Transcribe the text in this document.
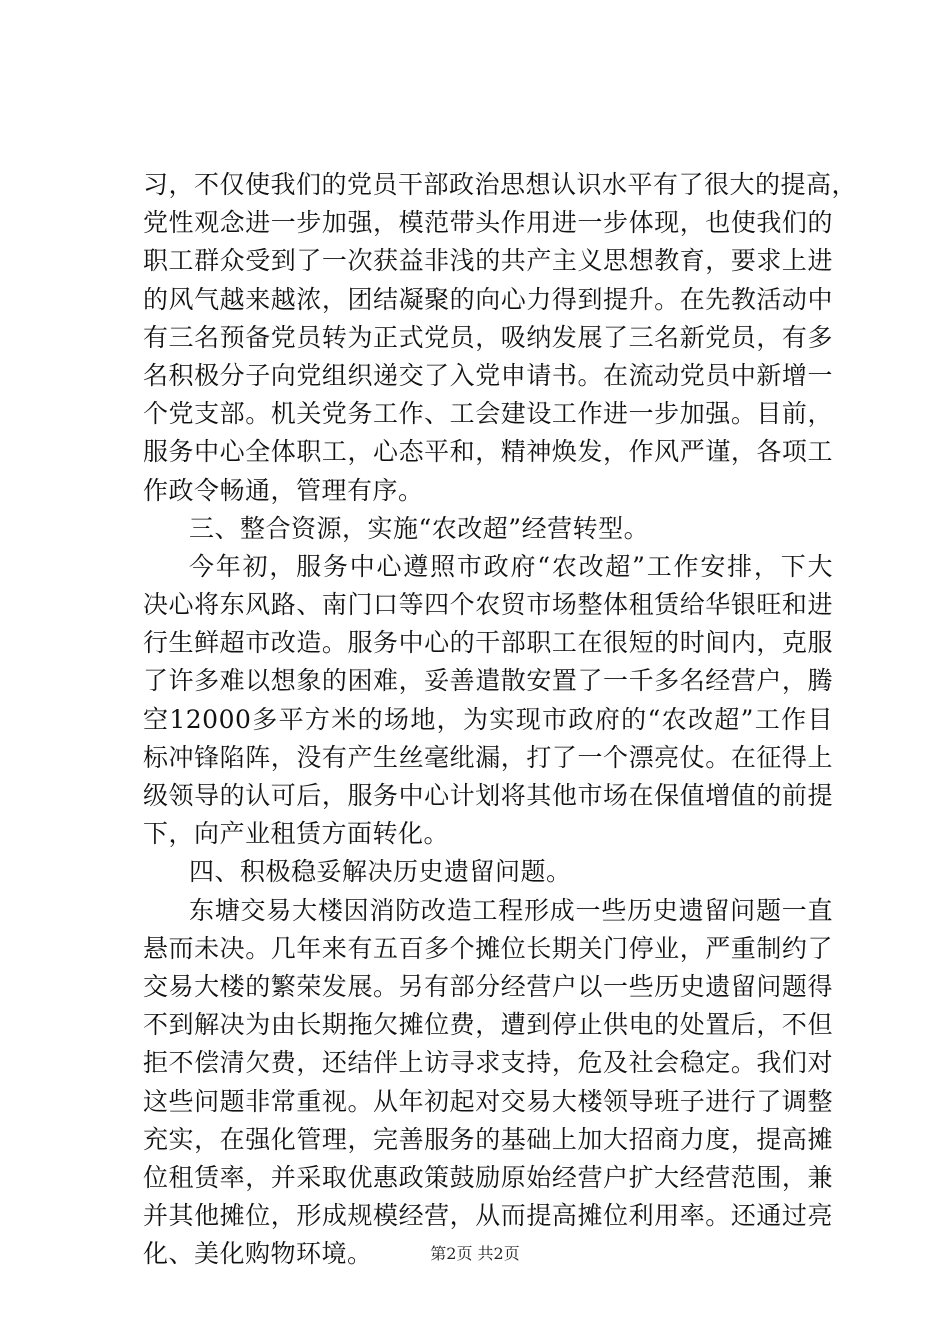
习，不仅使我们的党员干部政治思想认识水平有了很大的提高，
党性观念进一步加强，模范带头作用进一步体现，也使我们的
职工群众受到了一次获益非浅的共产主义思想教育，要求上进
的风气越来越浓，团结凝聚的向心力得到提升。在先教活动中
有三名预备党员转为正式党员，吸纳发展了三名新党员，有多
名积极分子向党组织递交了入党申请书。在流动党员中新增一
个党支部。机关党务工作、工会建设工作进一步加强。目前，
服务中心全体职工，心态平和，精神焕发，作风严谨，各项工
作政令畅通，管理有序。
三、整合资源，实施“农改超”经营转型。
今年初，服务中心遵照市政府“农改超”工作安排，下大
决心将东风路、南门口等四个农贸市场整体租赁给华银旺和进
行生鲜超市改造。服务中心的干部职工在很短的时间内，克服
了许多难以想象的困难，妥善遣散安置了一千多名经营户，腾
空12000多平方米的场地，为实现市政府的“农改超”工作目
标冲锋陷阵，没有产生丝毫纰漏，打了一个漂亮仗。在征得上
级领导的认可后，服务中心计划将其他市场在保值增值的前提
下，向产业租赁方面转化。
四、积极稳妥解决历史遗留问题。
东塘交易大楼因消防改造工程形成一些历史遗留问题一直
悬而未决。几年来有五百多个摊位长期关门停业，严重制约了
交易大楼的繁荣发展。另有部分经营户以一些历史遗留问题得
不到解决为由长期拖欠摊位费，遭到停止供电的处置后，不但
拒不偿清欠费，还结伴上访寻求支持，危及社会稳定。我们对
这些问题非常重视。从年初起对交易大楼领导班子进行了调整
充实，在强化管理，完善服务的基础上加大招商力度，提高摊
位租赁率，并采取优惠政策鼓励原始经营户扩大经营范围，兼
并其他摊位，形成规模经营，从而提高摊位利用率。还通过亮
化、美化购物环境。	第2页 共2页
